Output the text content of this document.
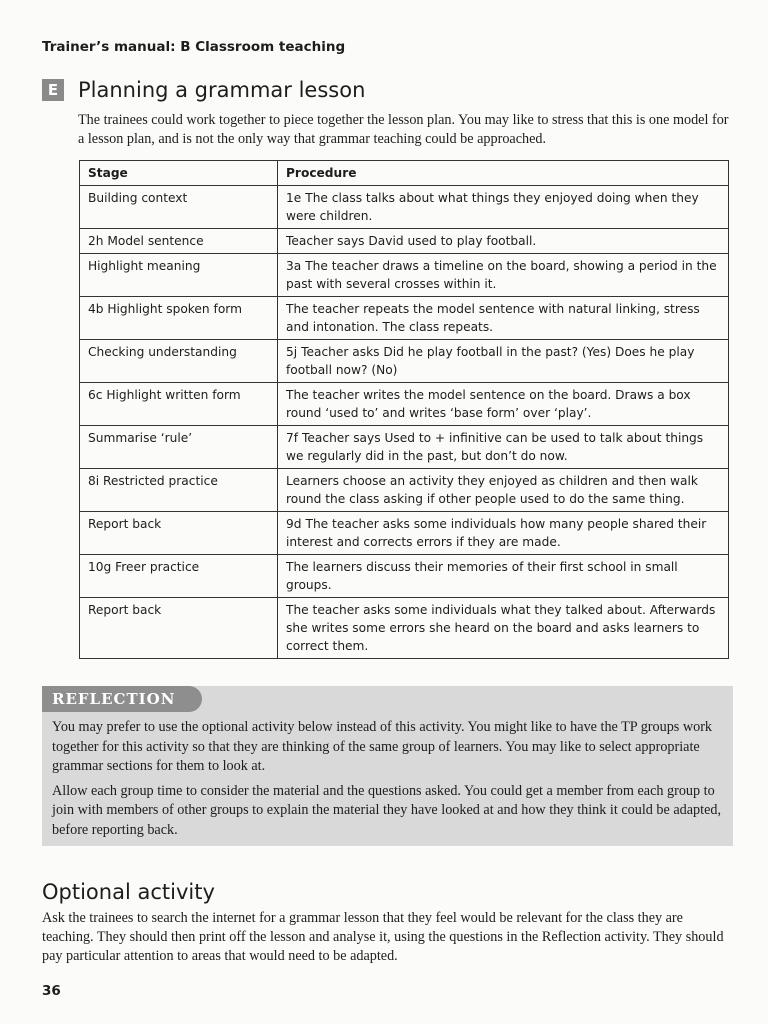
Trainer’s manual: B Classroom teaching
E Planning a grammar lesson
The trainees could work together to piece together the lesson plan. You may like to stress that this is one model for a lesson plan, and is not the only way that grammar teaching could be approached.
Stage	Procedure
Building context	1e The class talks about what things they enjoyed doing when they were children.
2h Model sentence	Teacher says David used to play football.
Highlight meaning	3a The teacher draws a timeline on the board, showing a period in the past with several crosses within it.
4b Highlight spoken form	The teacher repeats the model sentence with natural linking, stress and intonation. The class repeats.
Checking understanding	5j Teacher asks Did he play football in the past? (Yes) Does he play football now? (No)
6c Highlight written form	The teacher writes the model sentence on the board. Draws a box round ‘used to’ and writes ‘base form’ over ‘play’.
Summarise ‘rule’	7f Teacher says Used to + infinitive can be used to talk about things we regularly did in the past, but don’t do now.
8i Restricted practice	Learners choose an activity they enjoyed as children and then walk round the class asking if other people used to do the same thing.
Report back	9d The teacher asks some individuals how many people shared their interest and corrects errors if they are made.
10g Freer practice	The learners discuss their memories of their first school in small groups.
Report back	The teacher asks some individuals what they talked about. Afterwards she writes some errors she heard on the board and asks learners to correct them.
REFLECTION

You may prefer to use the optional activity below instead of this activity. You might like to have the TP groups work together for this activity so that they are thinking of the same group of learners. You may like to select appropriate grammar sections for them to look at.

Allow each group time to consider the material and the questions asked. You could get a member from each group to join with members of other groups to explain the material they have looked at and how they think it could be adapted, before reporting back.

Optional activity
Ask the trainees to search the internet for a grammar lesson that they feel would be relevant for the class they are teaching. They should then print off the lesson and analyse it, using the questions in the Reflection activity. They should pay particular attention to areas that would need to be adapted.
36
